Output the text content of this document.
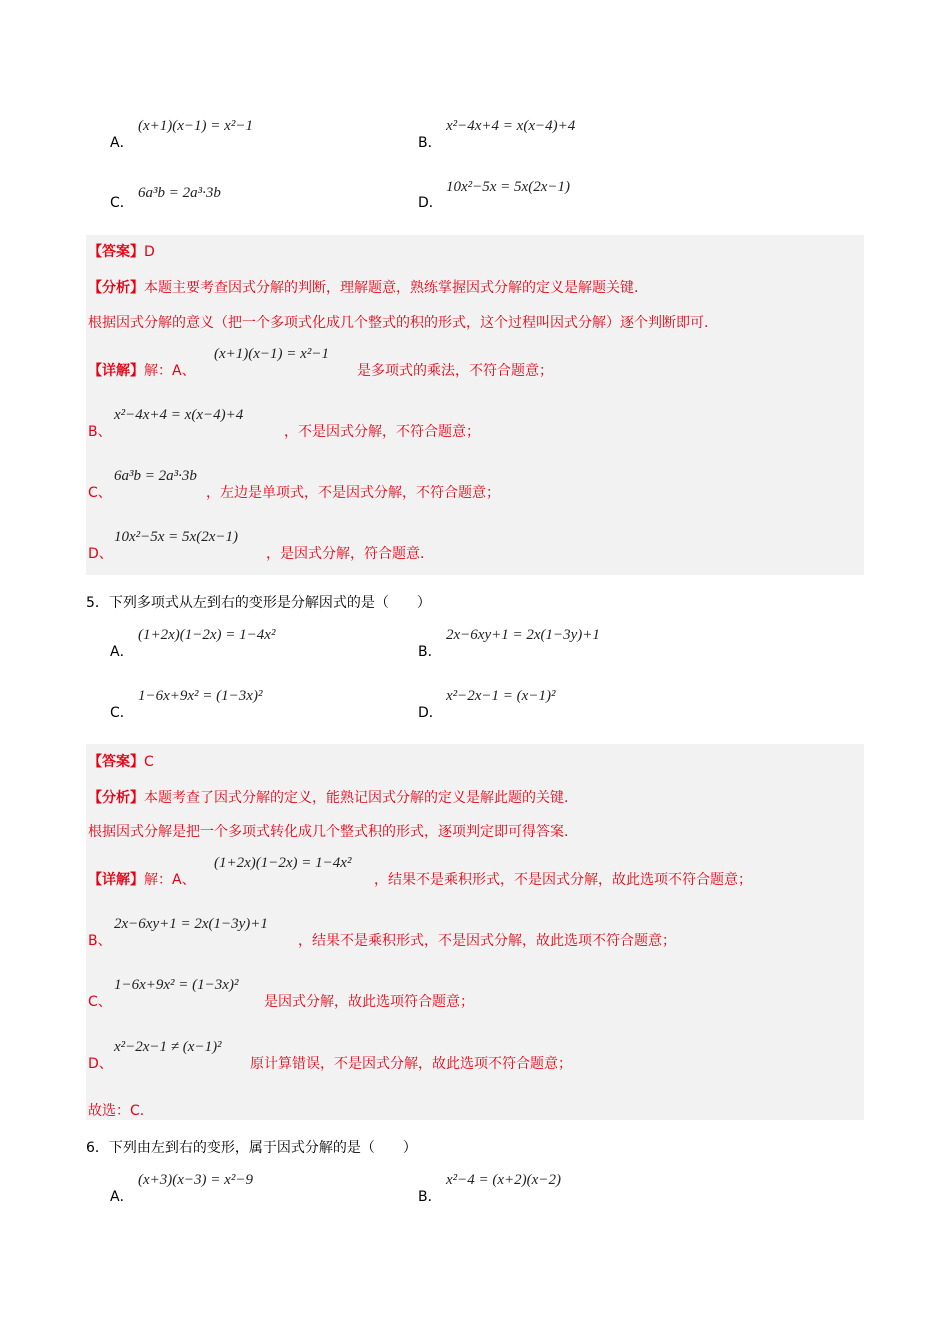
A．
(x+1)(x−1) = x²−1
B．
x²−4x+4 = x(x−4)+4
C．
6a³b = 2a³·3b
D．
10x²−5x = 5x(2x−1)
【答案】D
【分析】本题主要考查因式分解的判断，理解题意，熟练掌握因式分解的定义是解题关键.
根据因式分解的意义（把一个多项式化成几个整式的积的形式，这个过程叫因式分解）逐个判断即可.
【详解】解：A、
(x+1)(x−1) = x²−1
是多项式的乘法，不符合题意；
B、
x²−4x+4 = x(x−4)+4
，不是因式分解，不符合题意；
C、
6a³b = 2a³·3b
，左边是单项式，不是因式分解，不符合题意；
D、
10x²−5x = 5x(2x−1)
，是因式分解，符合题意.
5．下列多项式从左到右的变形是分解因式的是（　　）
A．
(1+2x)(1−2x) = 1−4x²
B．
2x−6xy+1 = 2x(1−3y)+1
C．
1−6x+9x² = (1−3x)²
D．
x²−2x−1 = (x−1)²
【答案】C
【分析】本题考查了因式分解的定义，能熟记因式分解的定义是解此题的关键.
根据因式分解是把一个多项式转化成几个整式积的形式，逐项判定即可得答案.
【详解】解：A、
(1+2x)(1−2x) = 1−4x²
，结果不是乘积形式，不是因式分解，故此选项不符合题意；
B、
2x−6xy+1 = 2x(1−3y)+1
，结果不是乘积形式，不是因式分解，故此选项不符合题意；
C、
1−6x+9x² = (1−3x)²
是因式分解，故此选项符合题意；
D、
x²−2x−1 ≠ (x−1)²
原计算错误，不是因式分解，故此选项不符合题意；
故选：C.
6．下列由左到右的变形，属于因式分解的是（　　）
A．
(x+3)(x−3) = x²−9
B．
x²−4 = (x+2)(x−2)
